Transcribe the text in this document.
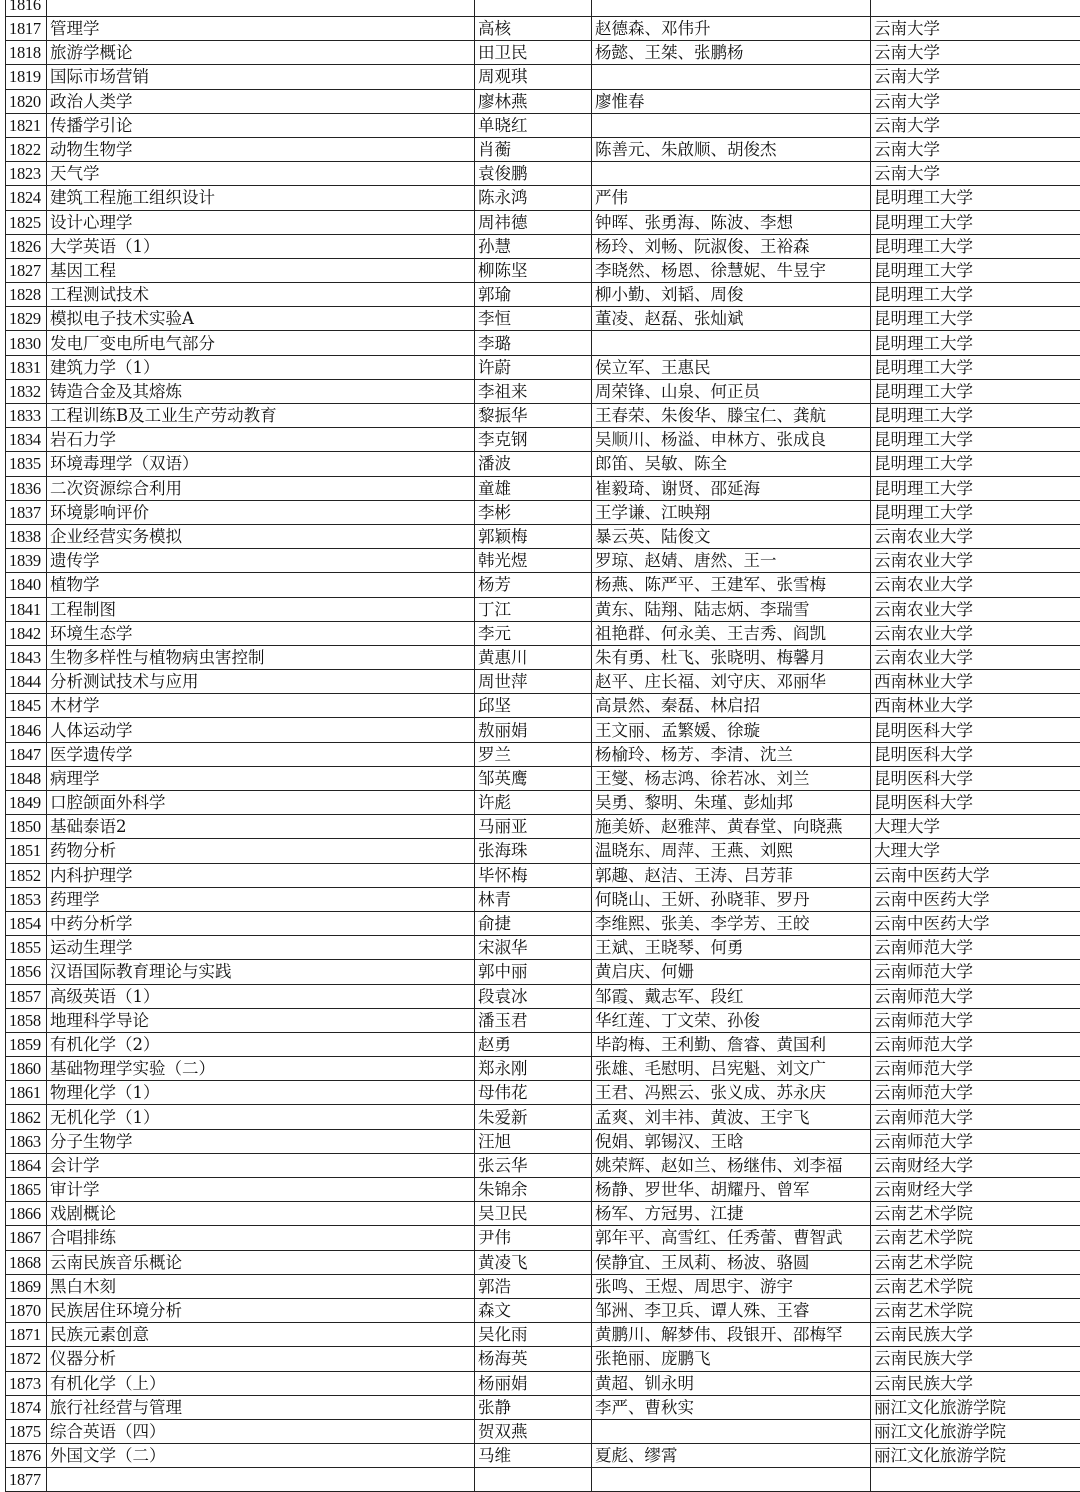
1816				
1817	管理学	高核	赵德森、邓伟升	云南大学
1818	旅游学概论	田卫民	杨懿、王桀、张鹏杨	云南大学
1819	国际市场营销	周观琪		云南大学
1820	政治人类学	廖林燕	廖惟春	云南大学
1821	传播学引论	单晓红		云南大学
1822	动物生物学	肖蘅	陈善元、朱啟顺、胡俊杰	云南大学
1823	天气学	袁俊鹏		云南大学
1824	建筑工程施工组织设计	陈永鸿	严伟	昆明理工大学
1825	设计心理学	周祎德	钟晖、张勇海、陈波、李想	昆明理工大学
1826	大学英语（1）	孙慧	杨玲、刘畅、阮淑俊、王裕森	昆明理工大学
1827	基因工程	柳陈坚	李晓然、杨恩、徐慧妮、牛昱宇	昆明理工大学
1828	工程测试技术	郭瑜	柳小勤、刘韬、周俊	昆明理工大学
1829	模拟电子技术实验A	李恒	董凌、赵磊、张灿斌	昆明理工大学
1830	发电厂变电所电气部分	李璐		昆明理工大学
1831	建筑力学（1）	许蔚	侯立军、王惠民	昆明理工大学
1832	铸造合金及其熔炼	李祖来	周荣锋、山泉、何正员	昆明理工大学
1833	工程训练B及工业生产劳动教育	黎振华	王春荣、朱俊华、滕宝仁、龚航	昆明理工大学
1834	岩石力学	李克钢	吴顺川、杨溢、申林方、张成良	昆明理工大学
1835	环境毒理学（双语）	潘波	郎笛、吴敏、陈全	昆明理工大学
1836	二次资源综合利用	童雄	崔毅琦、谢贤、邵延海	昆明理工大学
1837	环境影响评价	李彬	王学谦、江映翔	昆明理工大学
1838	企业经营实务模拟	郭颖梅	暴云英、陆俊文	云南农业大学
1839	遗传学	韩光煜	罗琼、赵婧、唐然、王一	云南农业大学
1840	植物学	杨芳	杨燕、陈严平、王建军、张雪梅	云南农业大学
1841	工程制图	丁江	黄东、陆翔、陆志炳、李瑞雪	云南农业大学
1842	环境生态学	李元	祖艳群、何永美、王吉秀、阎凯	云南农业大学
1843	生物多样性与植物病虫害控制	黄惠川	朱有勇、杜飞、张晓明、梅馨月	云南农业大学
1844	分析测试技术与应用	周世萍	赵平、庄长福、刘守庆、邓丽华	西南林业大学
1845	木材学	邱坚	高景然、秦磊、林启招	西南林业大学
1846	人体运动学	敖丽娟	王文丽、孟繁媛、徐璇	昆明医科大学
1847	医学遗传学	罗兰	杨榆玲、杨芳、李清、沈兰	昆明医科大学
1848	病理学	邹英鹰	王燮、杨志鸿、徐若冰、刘兰	昆明医科大学
1849	口腔颌面外科学	许彪	吴勇、黎明、朱瑾、彭灿邦	昆明医科大学
1850	基础泰语2	马丽亚	施美娇、赵雅萍、黄春堂、向晓燕	大理大学
1851	药物分析	张海珠	温晓东、周萍、王燕、刘熙	大理大学
1852	内科护理学	毕怀梅	郭趣、赵洁、王涛、吕芳菲	云南中医药大学
1853	药理学	林青	何晓山、王妍、孙晓菲、罗丹	云南中医药大学
1854	中药分析学	俞捷	李维熙、张美、李学芳、王皎	云南中医药大学
1855	运动生理学	宋淑华	王斌、王晓琴、何勇	云南师范大学
1856	汉语国际教育理论与实践	郭中丽	黄启庆、何姗	云南师范大学
1857	高级英语（1）	段袁冰	邹霞、戴志军、段红	云南师范大学
1858	地理科学导论	潘玉君	华红莲、丁文荣、孙俊	云南师范大学
1859	有机化学（2）	赵勇	毕韵梅、王利勤、詹睿、黄国利	云南师范大学
1860	基础物理学实验（二）	郑永刚	张雄、毛慰明、吕宪魁、刘文广	云南师范大学
1861	物理化学（1）	母伟花	王君、冯熙云、张义成、苏永庆	云南师范大学
1862	无机化学（1）	朱爱新	孟爽、刘丰祎、黄波、王宇飞	云南师范大学
1863	分子生物学	汪旭	倪娟、郭锡汉、王晗	云南师范大学
1864	会计学	张云华	姚荣辉、赵如兰、杨继伟、刘李福	云南财经大学
1865	审计学	朱锦余	杨静、罗世华、胡耀丹、曾军	云南财经大学
1866	戏剧概论	吴卫民	杨军、方冠男、江捷	云南艺术学院
1867	合唱排练	尹伟	郭年平、高雪红、任秀蕾、曹智武	云南艺术学院
1868	云南民族音乐概论	黄凌飞	侯静宜、王凤莉、杨波、骆圆	云南艺术学院
1869	黑白木刻	郭浩	张鸣、王煜、周思宇、游宇	云南艺术学院
1870	民族居住环境分析	森文	邹洲、李卫兵、谭人殊、王睿	云南艺术学院
1871	民族元素创意	吴化雨	黄鹏川、解梦伟、段银开、邵梅罕	云南民族大学
1872	仪器分析	杨海英	张艳丽、庞鹏飞	云南民族大学
1873	有机化学（上）	杨丽娟	黄超、钏永明	云南民族大学
1874	旅行社经营与管理	张静	李严、曹秋实	丽江文化旅游学院
1875	综合英语（四）	贺双燕		丽江文化旅游学院
1876	外国文学（二）	马维	夏彪、缪霄	丽江文化旅游学院
1877				
